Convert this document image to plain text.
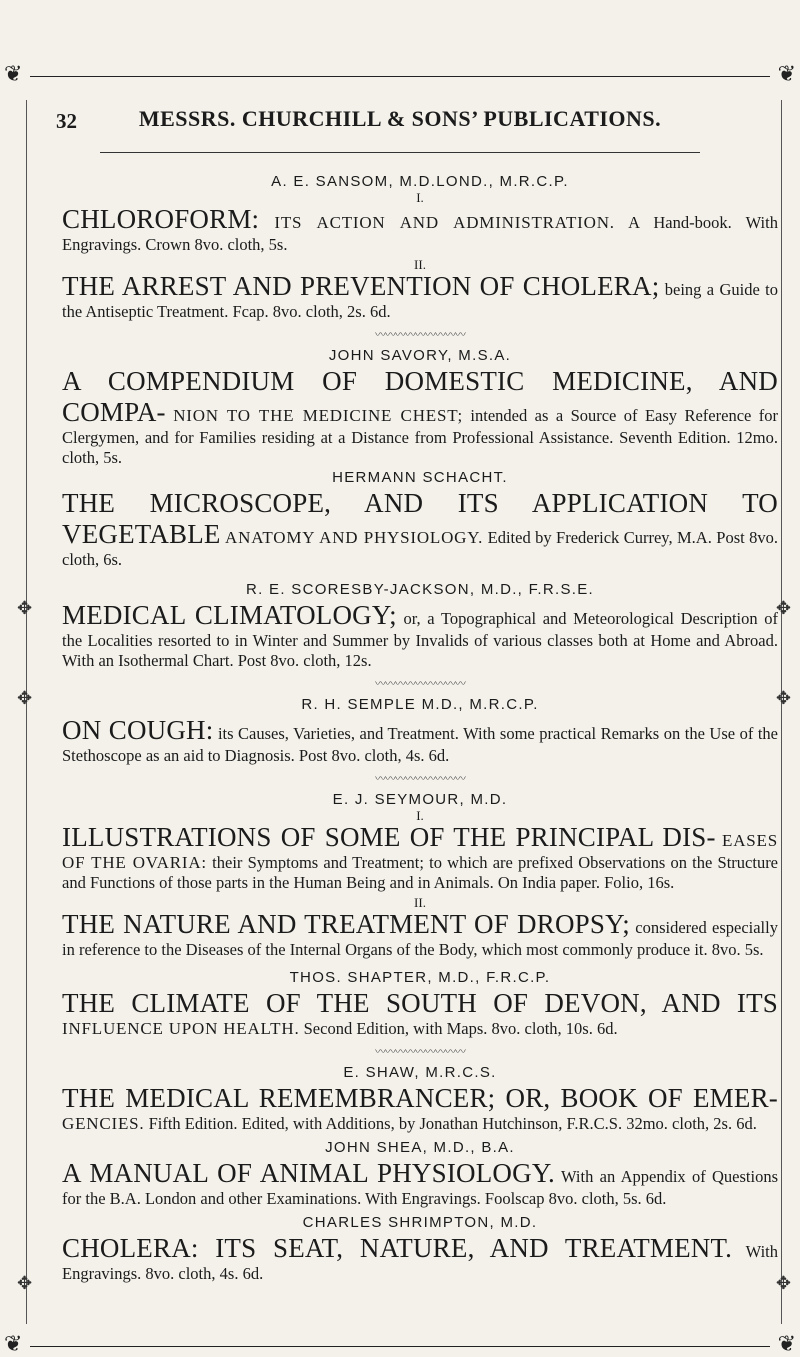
❦	❦
❦	❦
✥
✥
✥
✥
✥
✥
32	MESSRS. CHURCHILL & SONS’ PUBLICATIONS.

A. E. SANSOM, M.D.LOND., M.R.C.P.

I.

CHLOROFORM: ITS ACTION AND ADMINISTRATION. A Hand-book. With Engravings. Crown 8vo. cloth, 5s.

II.

THE ARREST AND PREVENTION OF CHOLERA; being a Guide to the Antiseptic Treatment. Fcap. 8vo. cloth, 2s. 6d.

〰〰〰〰〰〰〰〰〰

JOHN SAVORY, M.S.A.

A COMPENDIUM OF DOMESTIC MEDICINE, AND COMPA- NION TO THE MEDICINE CHEST; intended as a Source of Easy Reference for Clergymen, and for Families residing at a Distance from Professional Assistance. Seventh Edition. 12mo. cloth, 5s.

HERMANN SCHACHT.

THE MICROSCOPE, AND ITS APPLICATION TO VEGETABLE ANATOMY AND PHYSIOLOGY. Edited by Frederick Currey, M.A. Post 8vo. cloth, 6s.

R. E. SCORESBY-JACKSON, M.D., F.R.S.E.

MEDICAL CLIMATOLOGY; or, a Topographical and Meteorological Description of the Localities resorted to in Winter and Summer by Invalids of various classes both at Home and Abroad. With an Isothermal Chart. Post 8vo. cloth, 12s.

〰〰〰〰〰〰〰〰〰

R. H. SEMPLE M.D., M.R.C.P.

ON COUGH: its Causes, Varieties, and Treatment. With some practical Remarks on the Use of the Stethoscope as an aid to Diagnosis. Post 8vo. cloth, 4s. 6d.

〰〰〰〰〰〰〰〰〰

E. J. SEYMOUR, M.D.

I.

ILLUSTRATIONS OF SOME OF THE PRINCIPAL DIS- EASES OF THE OVARIA: their Symptoms and Treatment; to which are prefixed Observations on the Structure and Functions of those parts in the Human Being and in Animals. On India paper. Folio, 16s.

II.

THE NATURE AND TREATMENT OF DROPSY; considered especially in reference to the Diseases of the Internal Organs of the Body, which most commonly produce it. 8vo. 5s.

THOS. SHAPTER, M.D., F.R.C.P.

THE CLIMATE OF THE SOUTH OF DEVON, AND ITS INFLUENCE UPON HEALTH. Second Edition, with Maps. 8vo. cloth, 10s. 6d.

〰〰〰〰〰〰〰〰〰

E. SHAW, M.R.C.S.

THE MEDICAL REMEMBRANCER; OR, BOOK OF EMER- GENCIES. Fifth Edition. Edited, with Additions, by Jonathan Hutchinson, F.R.C.S. 32mo. cloth, 2s. 6d.

JOHN SHEA, M.D., B.A.

A MANUAL OF ANIMAL PHYSIOLOGY. With an Appendix of Questions for the B.A. London and other Examinations. With Engravings. Foolscap 8vo. cloth, 5s. 6d.

CHARLES SHRIMPTON, M.D.

CHOLERA: ITS SEAT, NATURE, AND TREATMENT. With Engravings. 8vo. cloth, 4s. 6d.
